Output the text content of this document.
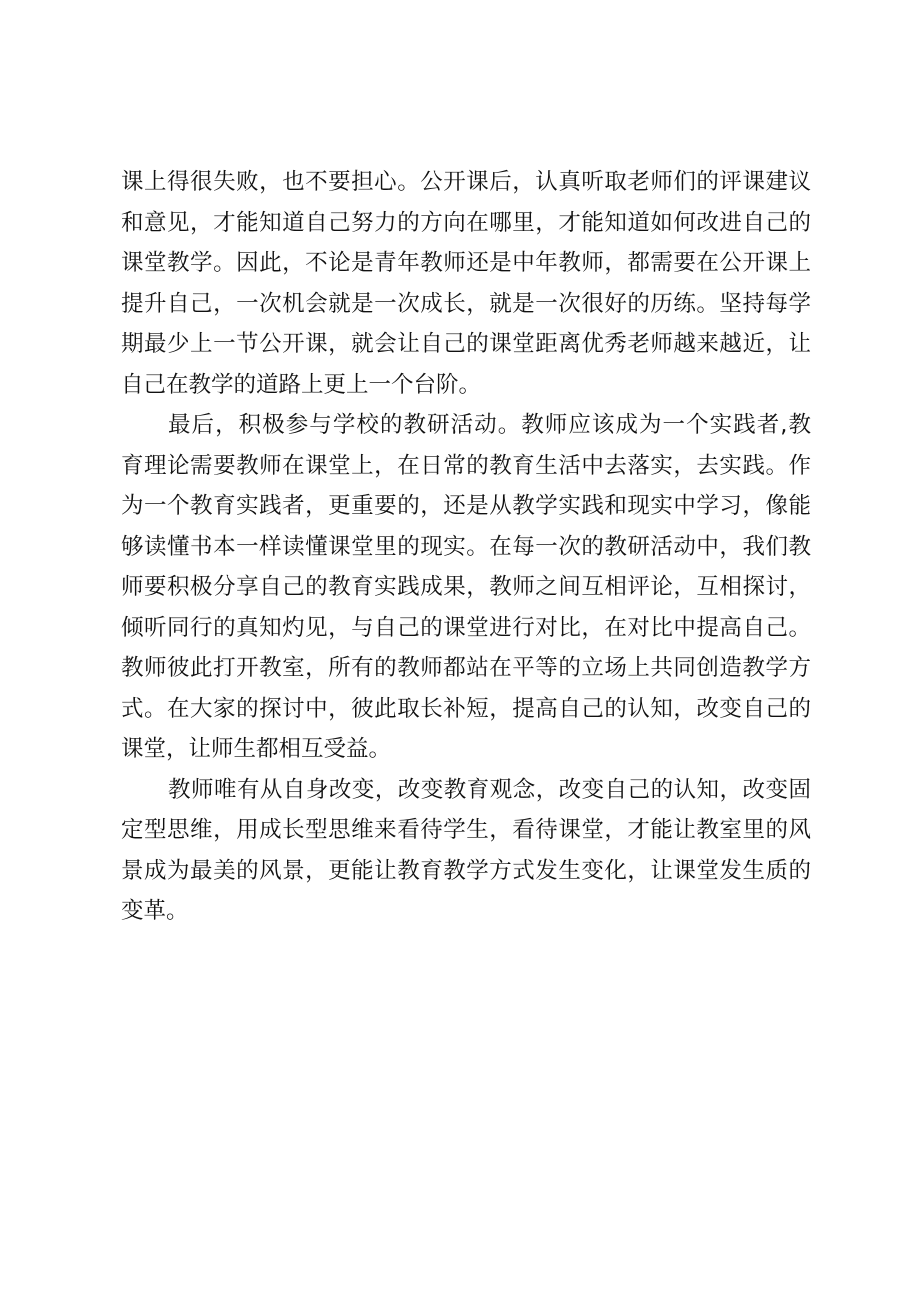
课上得很失败，也不要担心。公开课后，认真听取老师们的评课建议
和意见，才能知道自己努力的方向在哪里，才能知道如何改进自己的
课堂教学。因此，不论是青年教师还是中年教师，都需要在公开课上
提升自己，一次机会就是一次成长，就是一次很好的历练。坚持每学
期最少上一节公开课，就会让自己的课堂距离优秀老师越来越近，让
自己在教学的道路上更上一个台阶。
最后，积极参与学校的教研活动。教师应该成为一个实践者,教
育理论需要教师在课堂上，在日常的教育生活中去落实，去实践。作
为一个教育实践者，更重要的，还是从教学实践和现实中学习，像能
够读懂书本一样读懂课堂里的现实。在每一次的教研活动中，我们教
师要积极分享自己的教育实践成果，教师之间互相评论，互相探讨，
倾听同行的真知灼见，与自己的课堂进行对比，在对比中提高自己。
教师彼此打开教室，所有的教师都站在平等的立场上共同创造教学方
式。在大家的探讨中，彼此取长补短，提高自己的认知，改变自己的
课堂，让师生都相互受益。
教师唯有从自身改变，改变教育观念，改变自己的认知，改变固
定型思维，用成长型思维来看待学生，看待课堂，才能让教室里的风
景成为最美的风景，更能让教育教学方式发生变化，让课堂发生质的
变革。
